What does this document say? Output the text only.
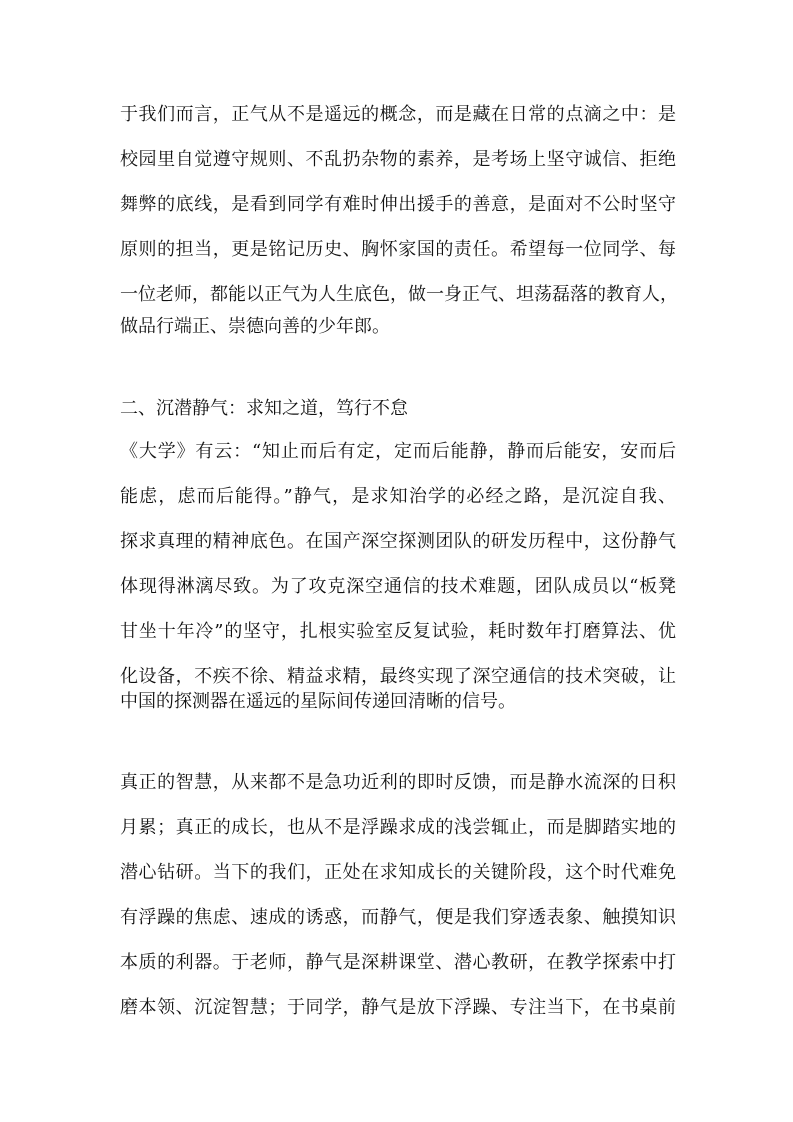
于我们而言，正气从不是遥远的概念，而是藏在日常的点滴之中：是
校园里自觉遵守规则、不乱扔杂物的素养，是考场上坚守诚信、拒绝
舞弊的底线，是看到同学有难时伸出援手的善意，是面对不公时坚守
原则的担当，更是铭记历史、胸怀家国的责任。希望每一位同学、每
一位老师，都能以正气为人生底色，做一身正气、坦荡磊落的教育人，
做品行端正、崇德向善的少年郎。
二、沉潜静气：求知之道，笃行不怠
《大学》有云：“知止而后有定，定而后能静，静而后能安，安而后
能虑，虑而后能得。”静气，是求知治学的必经之路，是沉淀自我、
探求真理的精神底色。在国产深空探测团队的研发历程中，这份静气
体现得淋漓尽致。为了攻克深空通信的技术难题，团队成员以“板凳
甘坐十年冷”的坚守，扎根实验室反复试验，耗时数年打磨算法、优
化设备，不疾不徐、精益求精，最终实现了深空通信的技术突破，让
中国的探测器在遥远的星际间传递回清晰的信号。
真正的智慧，从来都不是急功近利的即时反馈，而是静水流深的日积
月累；真正的成长，也从不是浮躁求成的浅尝辄止，而是脚踏实地的
潜心钻研。当下的我们，正处在求知成长的关键阶段，这个时代难免
有浮躁的焦虑、速成的诱惑，而静气，便是我们穿透表象、触摸知识
本质的利器。于老师，静气是深耕课堂、潜心教研，在教学探索中打
磨本领、沉淀智慧；于同学，静气是放下浮躁、专注当下，在书桌前
